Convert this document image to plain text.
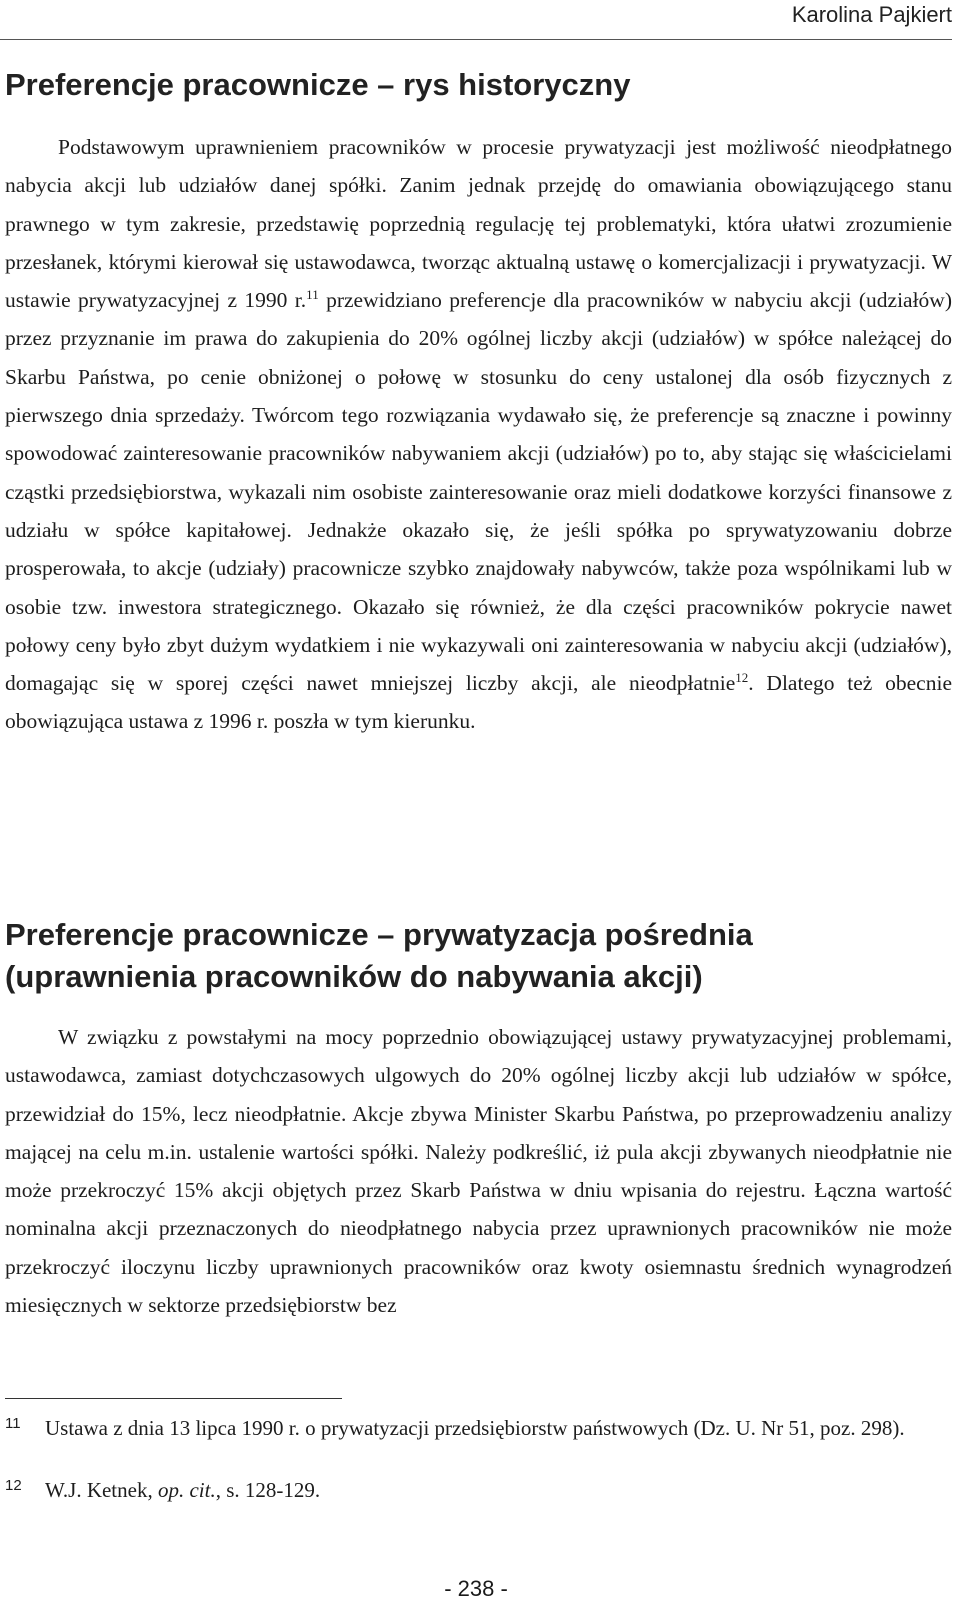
Karolina Pajkiert
Preferencje pracownicze – rys historyczny

Podstawowym uprawnieniem pracowników w procesie prywatyzacji jest możliwość nieodpłatnego nabycia akcji lub udziałów danej spółki. Zanim jednak przejdę do omawiania obowiązującego stanu prawnego w tym zakresie, przedstawię poprzednią regulację tej problematyki, która ułatwi zrozumienie przesłanek, którymi kierował się ustawodawca, tworząc aktualną ustawę o komercjalizacji i prywatyzacji. W ustawie prywatyzacyjnej z 1990 r.$^{11}$ przewidziano preferencje dla pracowników w nabyciu akcji (udziałów) przez przyznanie im prawa do zakupienia do 20% ogólnej liczby akcji (udziałów) w spółce należącej do Skarbu Państwa, po cenie obniżonej o połowę w stosunku do ceny ustalonej dla osób fizycznych z pierwszego dnia sprzedaży. Twórcom tego rozwiązania wydawało się, że preferencje są znaczne i powinny spowodować zainteresowanie pracowników nabywaniem akcji (udziałów) po to, aby stając się właścicielami cząstki przedsiębiorstwa, wykazali nim osobiste zainteresowanie oraz mieli dodatkowe korzyści finansowe z udziału w spółce kapitałowej. Jednakże okazało się, że jeśli spółka po sprywatyzowaniu dobrze prosperowała, to akcje (udziały) pracownicze szybko znajdowały nabywców, także poza wspólnikami lub w osobie tzw. inwestora strategicznego. Okazało się również, że dla części pracowników pokrycie nawet połowy ceny było zbyt dużym wydatkiem i nie wykazywali oni zainteresowania w nabyciu akcji (udziałów), domagając się w sporej części nawet mniejszej liczby akcji, ale nieodpłatnie$^{12}$. Dlatego też obecnie obowiązująca ustawa z 1996 r. poszła w tym kierunku.

Preferencje pracownicze – prywatyzacja pośrednia (uprawnienia pracowników do nabywania akcji)

W związku z powstałymi na mocy poprzednio obowiązującej ustawy prywatyzacyjnej problemami, ustawodawca, zamiast dotychczasowych ulgowych do 20% ogólnej liczby akcji lub udziałów w spółce, przewidział do 15%, lecz nieodpłatnie. Akcje zbywa Minister Skarbu Państwa, po przeprowadzeniu analizy mającej na celu m.in. ustalenie wartości spółki. Należy podkreślić, iż pula akcji zbywanych nieodpłatnie nie może przekroczyć 15% akcji objętych przez Skarb Państwa w dniu wpisania do rejestru. Łączna wartość nominalna akcji przeznaczonych do nieodpłatnego nabycia przez uprawnionych pracowników nie może przekroczyć iloczynu liczby uprawnionych pracowników oraz kwoty osiemnastu średnich wynagrodzeń miesięcznych w sektorze przedsiębiorstw bez

11 Ustawa z dnia 13 lipca 1990 r. o prywatyzacji przedsiębiorstw państwowych (Dz. U. Nr 51, poz. 298).
12 W.J. Ketnek, op. cit., s. 128-129.
- 238 -
